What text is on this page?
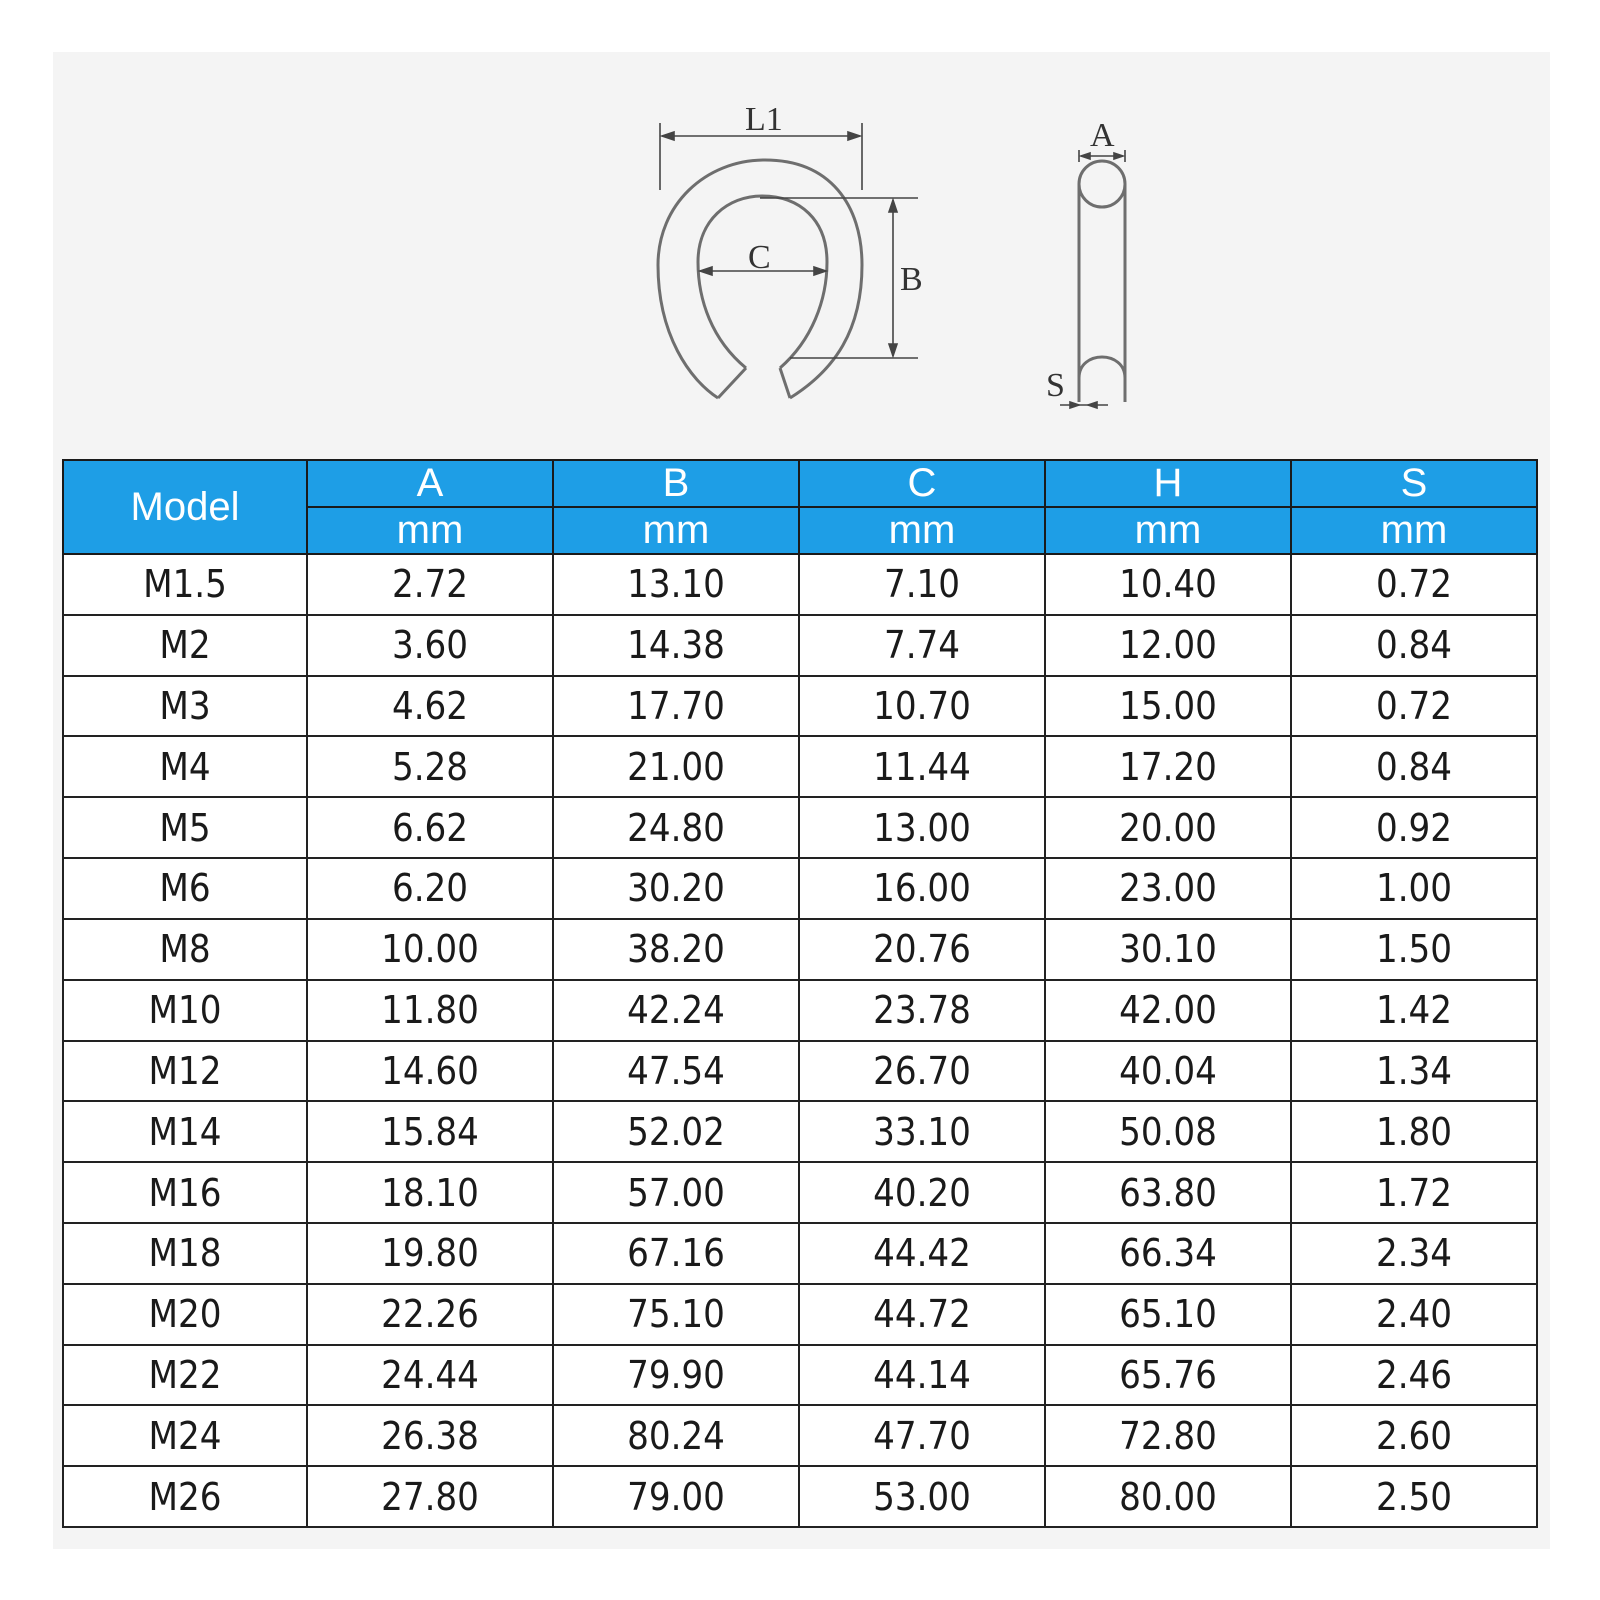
L1
C
B
A
S
Model	A	B	C	H	S
	mm	mm	mm	mm	mm
M1.5	2.72	13.10	7.10	10.40	0.72
M2	3.60	14.38	7.74	12.00	0.84
M3	4.62	17.70	10.70	15.00	0.72
M4	5.28	21.00	11.44	17.20	0.84
M5	6.62	24.80	13.00	20.00	0.92
M6	6.20	30.20	16.00	23.00	1.00
M8	10.00	38.20	20.76	30.10	1.50
M10	11.80	42.24	23.78	42.00	1.42
M12	14.60	47.54	26.70	40.04	1.34
M14	15.84	52.02	33.10	50.08	1.80
M16	18.10	57.00	40.20	63.80	1.72
M18	19.80	67.16	44.42	66.34	2.34
M20	22.26	75.10	44.72	65.10	2.40
M22	24.44	79.90	44.14	65.76	2.46
M24	26.38	80.24	47.70	72.80	2.60
M26	27.80	79.00	53.00	80.00	2.50
